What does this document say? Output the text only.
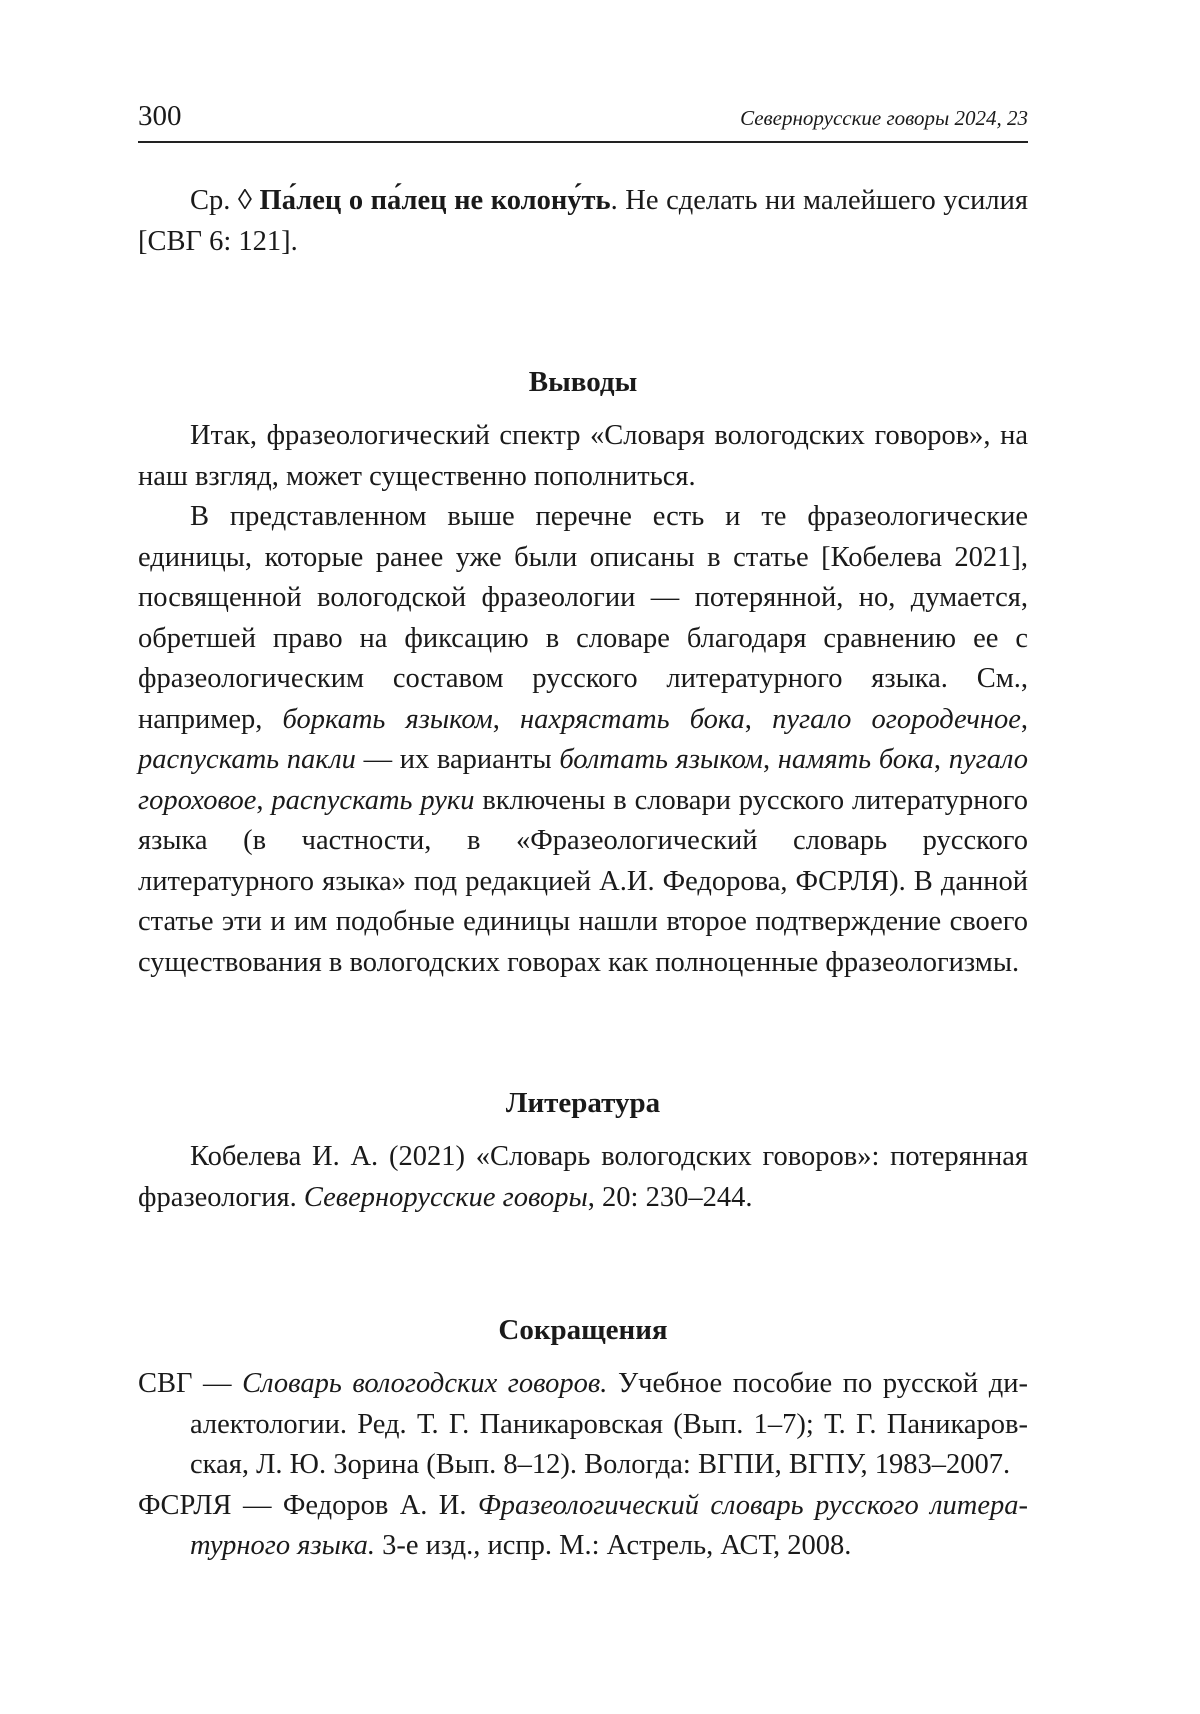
300	Севернорусские говоры 2024, 23

Ср. ◊ Па́лец о па́лец не колону́ть. Не сделать ни малейшего усилия [СВГ 6: 121].

Выводы

Итак, фразеологический спектр «Словаря вологодских говоров», на наш взгляд, может существенно пополниться.

В представленном выше перечне есть и те фразеологические единицы, которые ранее уже были описаны в статье [Кобелева 2021], посвященной вологодской фразеологии — потерянной, но, думается, обретшей право на фиксацию в словаре благодаря сравнению ее с фразеологическим составом русского литературного языка. См., например, боркать языком, нахрястать бока, пугало огородечное, распускать пакли — их варианты болтать языком, намять бока, пугало гороховое, распускать руки включены в словари русского литературного языка (в частности, в «Фразеологический словарь русского литературного языка» под редакцией А.И. Федорова, ФСРЛЯ). В данной статье эти и им подобные единицы нашли второе подтверждение своего существования в вологодских говорах как полноценные фразеологизмы.

Литература

Кобелева И. А. (2021) «Словарь вологодских говоров»: потерянная фразеология. Севернорусские говоры, 20: 230–244.

Сокращения

СВГ — Словарь вологодских говоров. Учебное пособие по русской диалектологии. Ред. Т. Г. Паникаровская (Вып. 1–7); Т. Г. Паникаровская, Л. Ю. Зорина (Вып. 8–12). Вологда: ВГПИ, ВГПУ, 1983–2007.

ФСРЛЯ — Федоров А. И. Фразеологический словарь русского литературного языка. 3-е изд., испр. М.: Астрель, АСТ, 2008.
